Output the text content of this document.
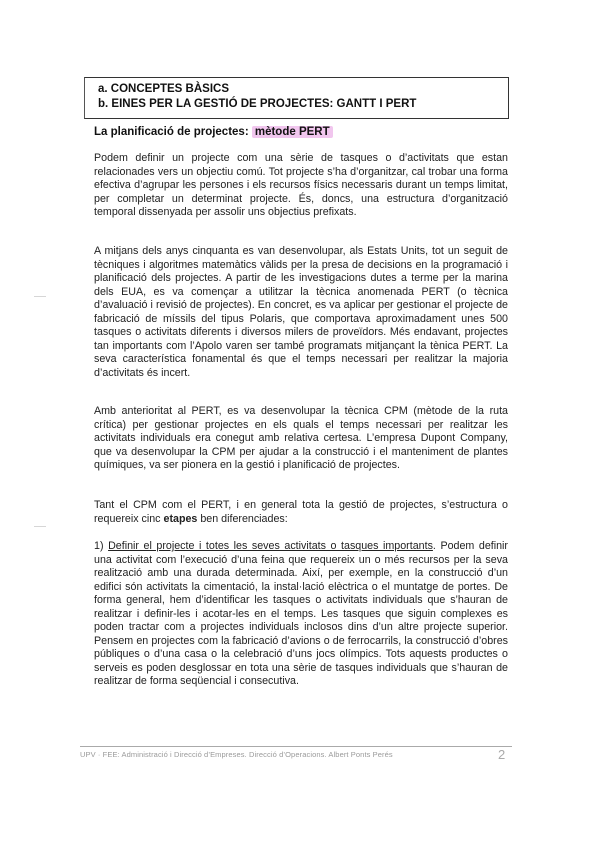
a. CONCEPTES BÀSICS
b. EINES PER LA GESTIÓ DE PROJECTES: GANTT I PERT
La planificació de projectes: mètode PERT

Podem definir un projecte com una sèrie de tasques o d’activitats que estan relacionades vers un objectiu comú. Tot projecte s’ha d’organitzar, cal trobar una forma efectiva d’agrupar les persones i els recursos físics necessaris durant un temps limitat, per completar un determinat projecte. És, doncs, una estructura d’organització temporal dissenyada per assolir uns objectius prefixats.

A mitjans dels anys cinquanta es van desenvolupar, als Estats Units, tot un seguit de tècniques i algoritmes matemàtics vàlids per la presa de decisions en la programació i planificació dels projectes. A partir de les investigacions dutes a terme per la marina dels EUA, es va començar a utilitzar la tècnica anomenada PERT (o tècnica d’avaluació i revisió de projectes). En concret, es va aplicar per gestionar el projecte de fabricació de míssils del tipus Polaris, que comportava aproximadament unes 500 tasques o activitats diferents i diversos milers de proveïdors. Més endavant, projectes tan importants com l’Apolo varen ser també programats mitjançant la tènica PERT. La seva característica fonamental és que el temps necessari per realitzar la majoria d’activitats és incert.

Amb anterioritat al PERT, es va desenvolupar la tècnica CPM (mètode de la ruta crítica) per gestionar projectes en els quals el temps necessari per realitzar les activitats individuals era conegut amb relativa certesa. L’empresa Dupont Company, que va desenvolupar la CPM per ajudar a la construcció i el manteniment de plantes químiques, va ser pionera en la gestió i planificació de projectes.

Tant el CPM com el PERT, i en general tota la gestió de projectes, s’estructura o requereix cinc etapes ben diferenciades:

1) Definir el projecte i totes les seves activitats o tasques importants. Podem definir una activitat com l’execució d’una feina que requereix un o més recursos per la seva realització amb una durada determinada. Així, per exemple, en la construcció d’un edifici són activitats la cimentació, la instal·lació elèctrica o el muntatge de portes. De forma general, hem d’identificar les tasques o activitats individuals que s’hauran de realitzar i definir-les i acotar-les en el temps. Les tasques que siguin complexes es poden tractar com a projectes individuals inclosos dins d’un altre projecte superior. Pensem en projectes com la fabricació d’avions o de ferrocarrils, la construcció d’obres públiques o d’una casa o la celebració d’uns jocs olímpics. Tots aquests productes o serveis es poden desglossar en tota una sèrie de tasques individuals que s’hauran de realitzar de forma seqüencial i consecutiva.

UPV · FEE: Administració i Direcció d’Empreses. Direcció d’Operacions. Albert Ponts Perés	2
